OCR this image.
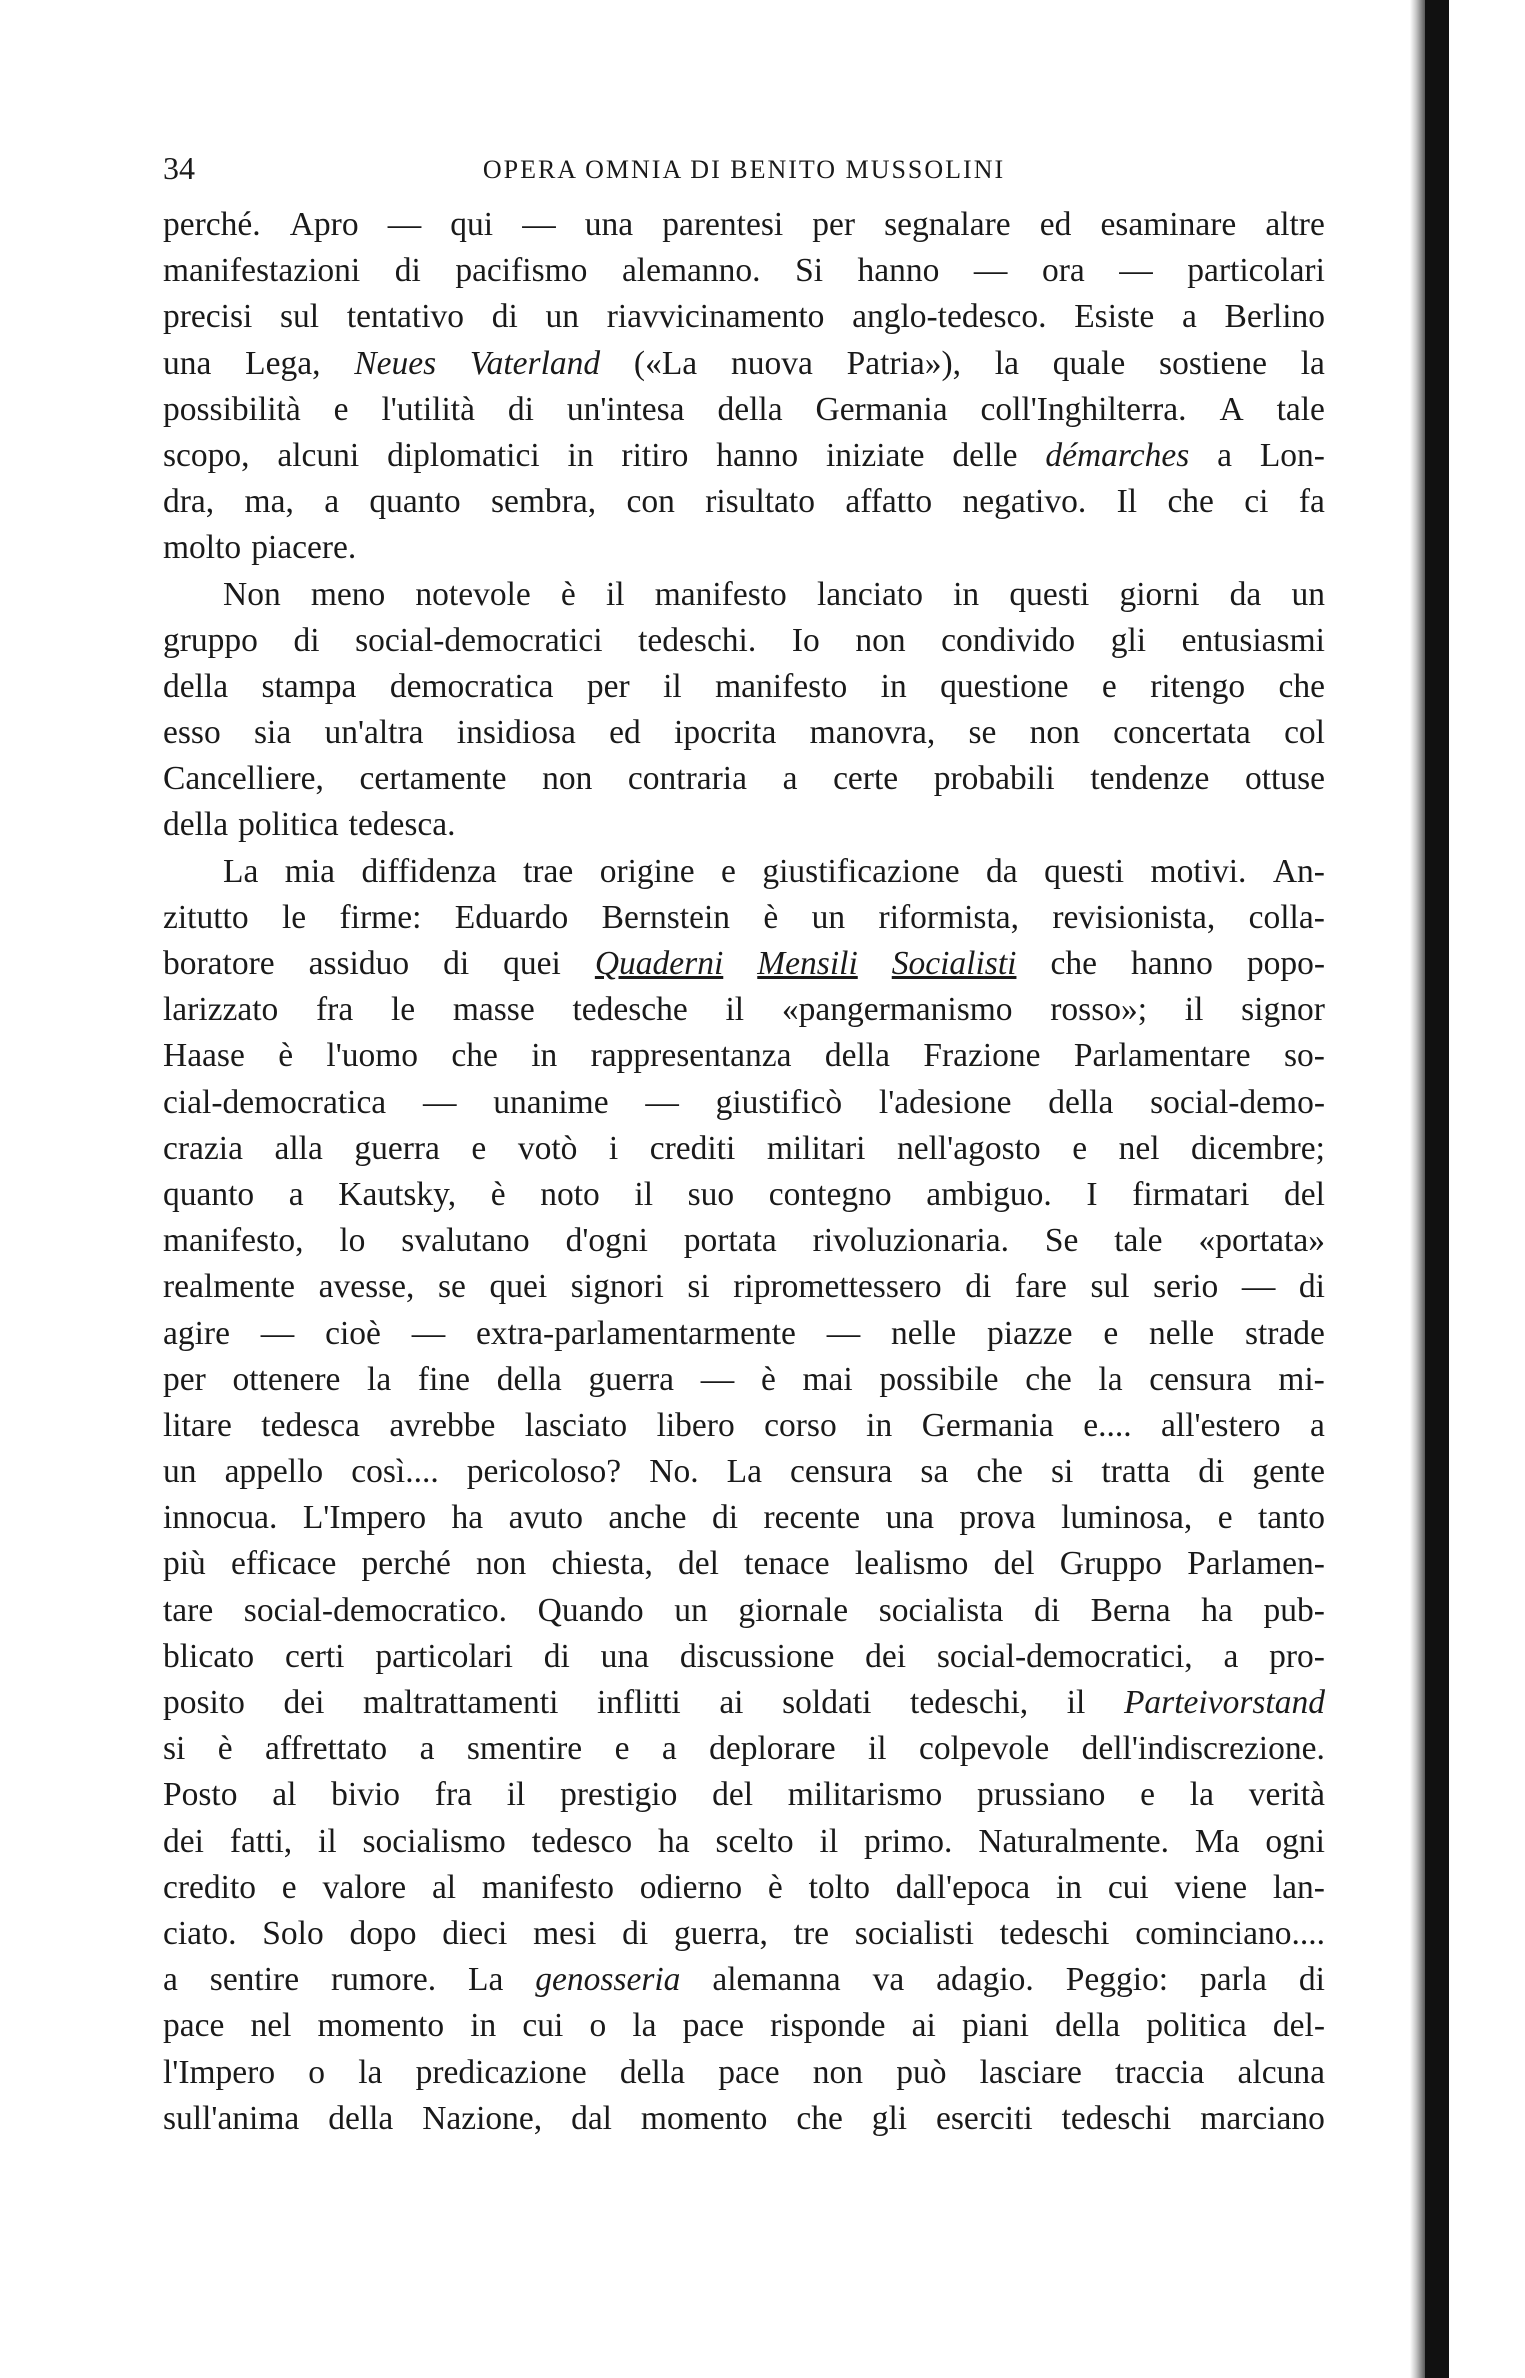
34	OPERA OMNIA DI BENITO MUSSOLINI
perché. Apro — qui — una parentesi per segnalare ed esaminare altre
manifestazioni di pacifismo alemanno. Si hanno — ora — particolari
precisi sul tentativo di un riavvicinamento anglo-tedesco. Esiste a Berlino
una Lega, Neues Vaterland («La nuova Patria»), la quale sostiene la
possibilità e l'utilità di un'intesa della Germania coll'Inghilterra. A tale
scopo, alcuni diplomatici in ritiro hanno iniziate delle démarches a Lon-
dra, ma, a quanto sembra, con risultato affatto negativo. Il che ci fa
molto piacere.
Non meno notevole è il manifesto lanciato in questi giorni da un
gruppo di social-democratici tedeschi. Io non condivido gli entusiasmi
della stampa democratica per il manifesto in questione e ritengo che
esso sia un'altra insidiosa ed ipocrita manovra, se non concertata col
Cancelliere, certamente non contraria a certe probabili tendenze ottuse
della politica tedesca.
La mia diffidenza trae origine e giustificazione da questi motivi. An-
zitutto le firme: Eduardo Bernstein è un riformista, revisionista, colla-
boratore assiduo di quei Quaderni Mensili Socialisti che hanno popo-
larizzato fra le masse tedesche il «pangermanismo rosso»; il signor
Haase è l'uomo che in rappresentanza della Frazione Parlamentare so-
cial-democratica — unanime — giustificò l'adesione della social-demo-
crazia alla guerra e votò i crediti militari nell'agosto e nel dicembre;
quanto a Kautsky, è noto il suo contegno ambiguo. I firmatari del
manifesto, lo svalutano d'ogni portata rivoluzionaria. Se tale «portata»
realmente avesse, se quei signori si ripromettessero di fare sul serio — di
agire — cioè — extra-parlamentarmente — nelle piazze e nelle strade
per ottenere la fine della guerra — è mai possibile che la censura mi-
litare tedesca avrebbe lasciato libero corso in Germania e.... all'estero a
un appello così.... pericoloso? No. La censura sa che si tratta di gente
innocua. L'Impero ha avuto anche di recente una prova luminosa, e tanto
più efficace perché non chiesta, del tenace lealismo del Gruppo Parlamen-
tare social-democratico. Quando un giornale socialista di Berna ha pub-
blicato certi particolari di una discussione dei social-democratici, a pro-
posito dei maltrattamenti inflitti ai soldati tedeschi, il Parteivorstand
si è affrettato a smentire e a deplorare il colpevole dell'indiscrezione.
Posto al bivio fra il prestigio del militarismo prussiano e la verità
dei fatti, il socialismo tedesco ha scelto il primo. Naturalmente. Ma ogni
credito e valore al manifesto odierno è tolto dall'epoca in cui viene lan-
ciato. Solo dopo dieci mesi di guerra, tre socialisti tedeschi cominciano....
a sentire rumore. La genosseria alemanna va adagio. Peggio: parla di
pace nel momento in cui o la pace risponde ai piani della politica del-
l'Impero o la predicazione della pace non può lasciare traccia alcuna
sull'anima della Nazione, dal momento che gli eserciti tedeschi marciano
